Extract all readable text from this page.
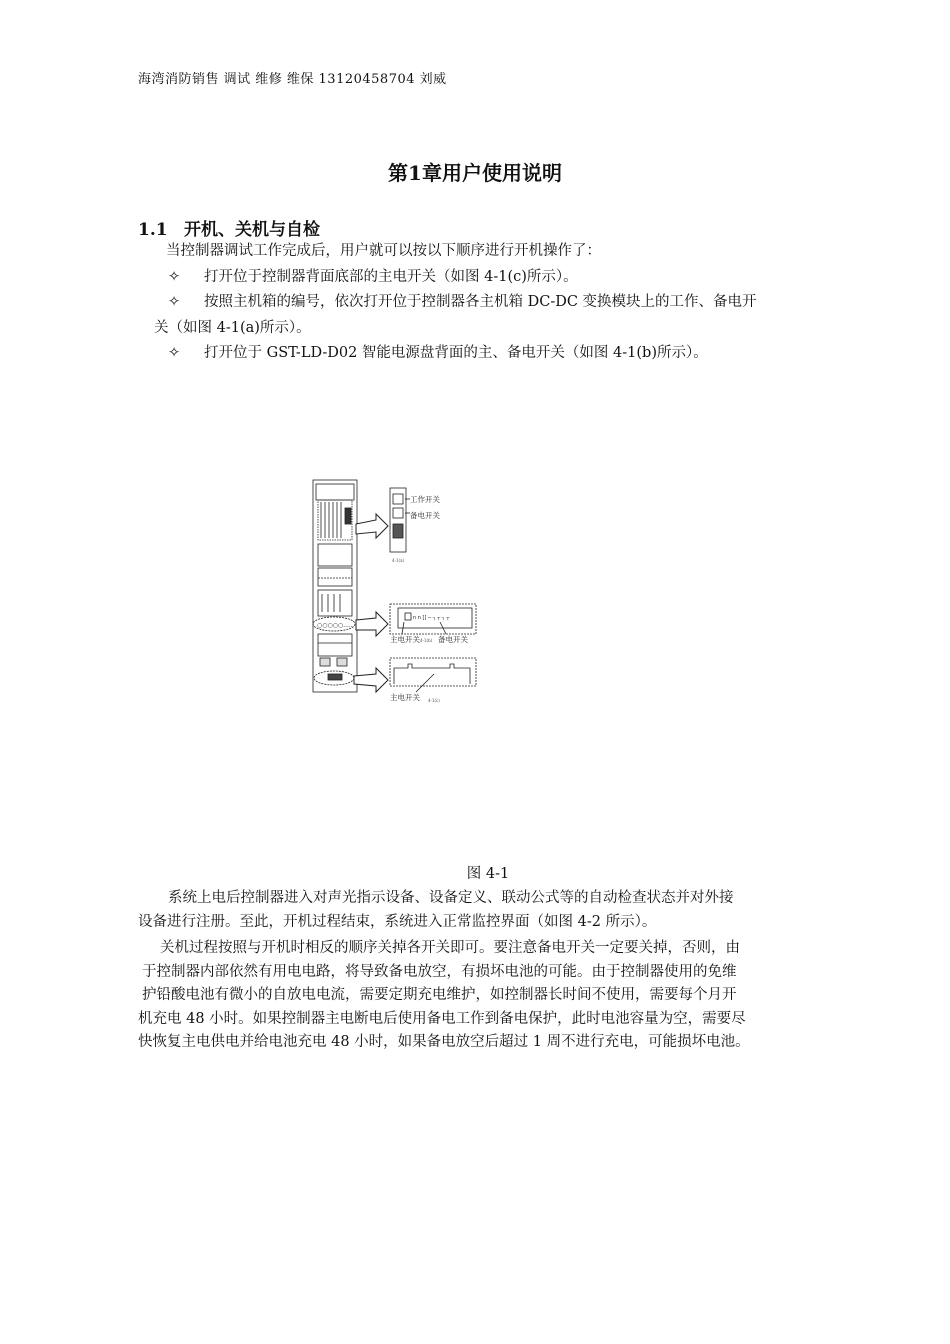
海湾消防销售 调试 维修 维保 13120458704 刘威
第1章用户使用说明
1.1 开机、关机与自检
当控制器调试工作完成后，用户就可以按以下顺序进行开机操作了：
✧ 打开位于控制器背面底部的主电开关（如图 4-1(c)所示）。
✧ 按照主机箱的编号，依次打开位于控制器各主机箱 DC-DC 变换模块上的工作、备电开
关（如图 4-1(a)所示）。
✧ 打开位于 GST-LD-D02 智能电源盘背面的主、备电开关（如图 4-1(b)所示）。
○○○○○.....
工作开关
备电开关
4-1(a)
n n [] ─ ┐ ┬ ┐ ┬
主电开关 4-1(b) 备电开关
主电开关 4-1(c)
图 4-1
系统上电后控制器进入对声光指示设备、设备定义、联动公式等的自动检查状态并对外接
设备进行注册。至此，开机过程结束，系统进入正常监控界面（如图 4-2 所示）。
关机过程按照与开机时相反的顺序关掉各开关即可。要注意备电开关一定要关掉，否则，由
于控制器内部依然有用电电路，将导致备电放空，有损坏电池的可能。由于控制器使用的免维
护铅酸电池有微小的自放电电流，需要定期充电维护，如控制器长时间不使用，需要每个月开
机充电 48 小时。如果控制器主电断电后使用备电工作到备电保护，此时电池容量为空，需要尽
快恢复主电供电并给电池充电 48 小时，如果备电放空后超过 1 周不进行充电，可能损坏电池。
